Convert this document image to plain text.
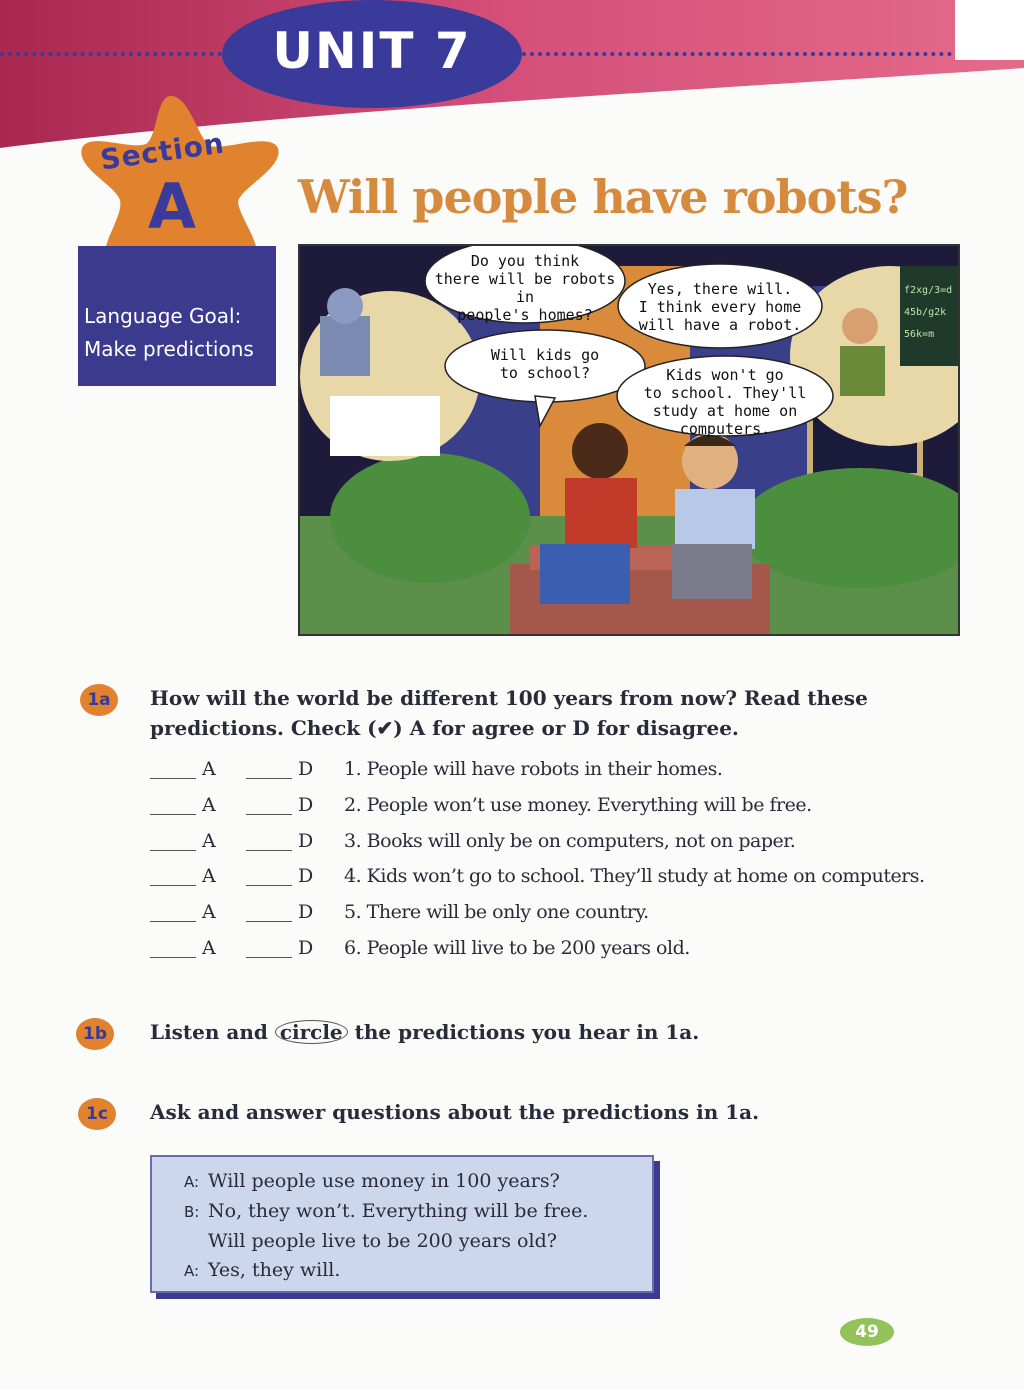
UNIT 7
Section
A
Language Goal:
Make predictions
Will people have robots?
Do you think
there will be robots in
people's homes?
Yes, there will.
I think every home
will have a robot.
Will kids go
to school?	Kids won't go
to school. They'll
study at home on
computers.
f2xg/3=d
45b/g2k
56k=m
1a	How will the world be different 100 years from now? Read these
predictions. Check (✔) A for agree or D for disagree.
A	D 1. People will have robots in their homes.
A	D 2. People won’t use money. Everything will be free.
A	D 3. Books will only be on computers, not on paper.
A	D 4. Kids won’t go to school. They’ll study at home on computers.
A	D 5. There will be only one country.
A	D 6. People will live to be 200 years old.
1b	Listen and circle the predictions you hear in 1a.
1c	Ask and answer questions about the predictions in 1a.
A: Will people use money in 100 years?
B: No, they won’t. Everything will be free.
Will people live to be 200 years old?
A: Yes, they will.
49
